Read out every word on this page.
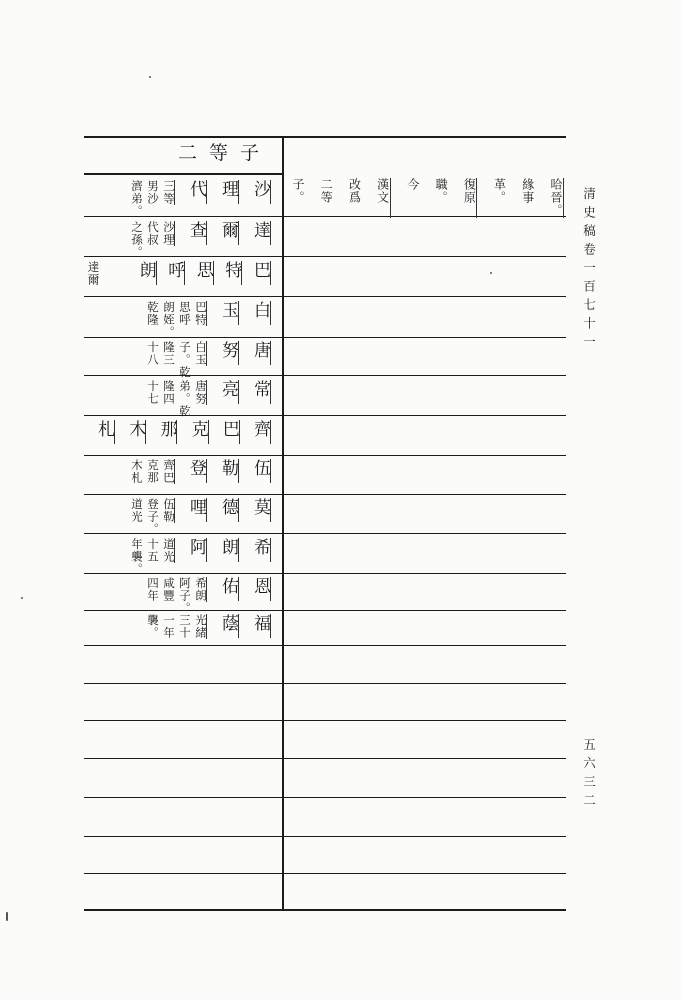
二等子
沙
理
代
三等
男沙
濟弟。
達
爾
查
沙理
代叔
之孫。
巴
特
思
呼
朗
達爾
白
玉
巴特
思呼
朗姪。
乾隆
唐
努
白玉
子。乾
隆三
十八
常
亮
唐努
弟。乾
隆四
十七
齊
巴
克
那
木
札
伍
勒
登
齊巴
克那
木札
莫
德
哩
伍勒
登子。
道光
希
朗
阿
道光
十五
年襲。
恩
佑
希朗
阿子。
咸豐
四年
福
蔭
光緒
三十
一年
襲。
哈晉。
緣事
革。
復原
職。
今
漢文
改爲
二等
子。	清史稿卷一百七十一
五六三二
